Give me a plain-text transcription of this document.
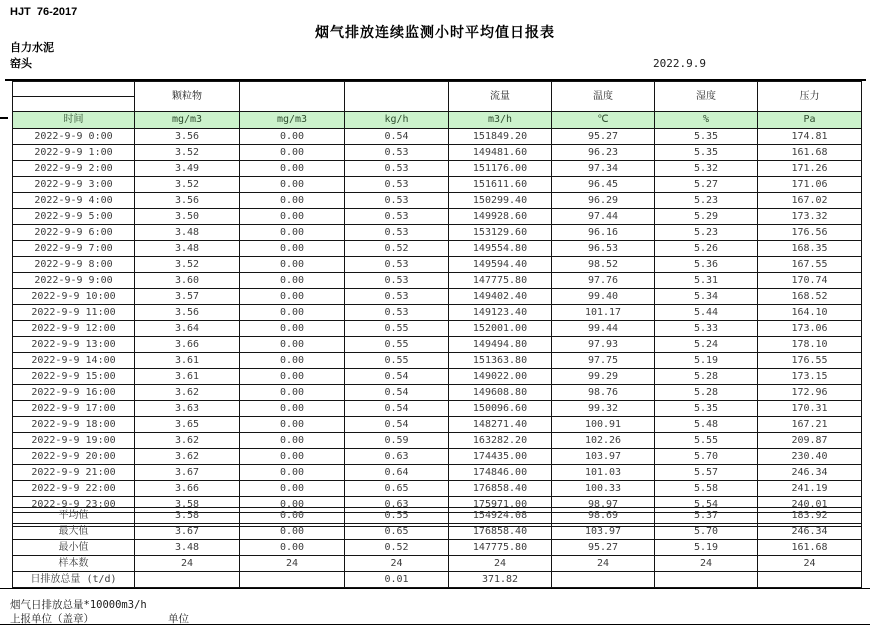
HJT  76-2017
烟气排放连续监测小时平均值日报表
自力水泥
窑头	2022.9.9
	颗粒物			流量	温度	湿度	压力

时间	mg/m3	mg/m3	kg/h	m3/h	℃	%	Pa
2022-9-9 0:00	3.56	0.00	0.54	151849.20	95.27	5.35	174.81
2022-9-9 1:00	3.52	0.00	0.53	149481.60	96.23	5.35	161.68
2022-9-9 2:00	3.49	0.00	0.53	151176.00	97.34	5.32	171.26
2022-9-9 3:00	3.52	0.00	0.53	151611.60	96.45	5.27	171.06
2022-9-9 4:00	3.56	0.00	0.53	150299.40	96.29	5.23	167.02
2022-9-9 5:00	3.50	0.00	0.53	149928.60	97.44	5.29	173.32
2022-9-9 6:00	3.48	0.00	0.53	153129.60	96.16	5.23	176.56
2022-9-9 7:00	3.48	0.00	0.52	149554.80	96.53	5.26	168.35
2022-9-9 8:00	3.52	0.00	0.53	149594.40	98.52	5.36	167.55
2022-9-9 9:00	3.60	0.00	0.53	147775.80	97.76	5.31	170.74
2022-9-9 10:00	3.57	0.00	0.53	149402.40	99.40	5.34	168.52
2022-9-9 11:00	3.56	0.00	0.53	149123.40	101.17	5.44	164.10
2022-9-9 12:00	3.64	0.00	0.55	152001.00	99.44	5.33	173.06
2022-9-9 13:00	3.66	0.00	0.55	149494.80	97.93	5.24	178.10
2022-9-9 14:00	3.61	0.00	0.55	151363.80	97.75	5.19	176.55
2022-9-9 15:00	3.61	0.00	0.54	149022.00	99.29	5.28	173.15
2022-9-9 16:00	3.62	0.00	0.54	149608.80	98.76	5.28	172.96
2022-9-9 17:00	3.63	0.00	0.54	150096.60	99.32	5.35	170.31
2022-9-9 18:00	3.65	0.00	0.54	148271.40	100.91	5.48	167.21
2022-9-9 19:00	3.62	0.00	0.59	163282.20	102.26	5.55	209.87
2022-9-9 20:00	3.62	0.00	0.63	174435.00	103.97	5.70	230.40
2022-9-9 21:00	3.67	0.00	0.64	174846.00	101.03	5.57	246.34
2022-9-9 22:00	3.66	0.00	0.65	176858.40	100.33	5.58	241.19
2022-9-9 23:00	3.58	0.00	0.63	175971.00	98.97	5.54	240.01

平均值	3.58	0.00	0.55	154924.08	98.69	5.37	183.92
最大值	3.67	0.00	0.65	176858.40	103.97	5.70	246.34
最小值	3.48	0.00	0.52	147775.80	95.27	5.19	161.68
样本数	24	24	24	24	24	24	24
日排放总量 (t/d)			0.01	371.82			
烟气日排放总量*10000m3/h
上报单位（盖章）	单位
